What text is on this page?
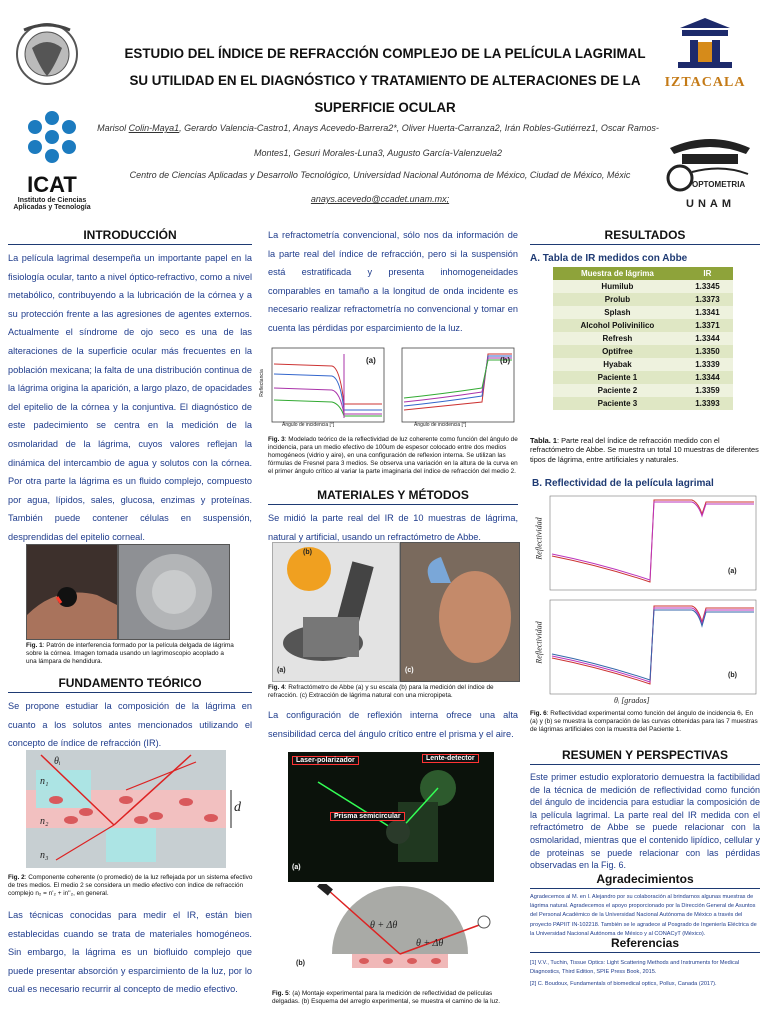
ESTUDIO DEL ÍNDICE DE REFRACCIÓN COMPLEJO DE LA PELÍCULA LAGRIMAL
SU UTILIDAD EN EL DIAGNÓSTICO Y TRATAMIENTO DE ALTERACIONES DE LA
SUPERFICIE OCULAR
IZTACALA
ICAT
Instituto de Ciencias
Aplicadas y Tecnología
Marisol Colin-Maya1, Gerardo Valencia-Castro1, Anays Acevedo-Barrera2*, Oliver Huerta-Carranza2, Irán Robles-Gutiérrez1, Oscar Ramos-
Montes1, Gesuri Morales-Luna3, Augusto García-Valenzuela2
Centro de Ciencias Aplicadas y Desarrollo Tecnológico, Universidad Nacional Autónoma de México, Ciudad de México, Méxic
anays.acevedo@ccadet.unam.mx;
OPTOMETRIA
UNAM
INTRODUCCIÓN
La película lagrimal desempeña un importante papel en la fisiología ocular, tanto a nivel óptico-refractivo, como a nivel metabólico, contribuyendo a la lubricación de la córnea y a su protección frente a las agresiones de agentes externos. Actualmente el síndrome de ojo seco es una de las alteraciones de la superficie ocular más frecuentes en la población mexicana; la falta de una distribución continua de la lágrima origina la aparición, a largo plazo, de opacidades del epitelio de la córnea y la conjuntiva. El diagnóstico de este padecimiento se centra en la medición de la osmolaridad de la lágrima, cuyos valores reflejan la dinámica del intercambio de agua y solutos con la córnea. Por otra parte la lágrima es un fluido complejo, compuesto por agua, lípidos, sales, glucosa, enzimas y proteínas. También puede contener células en suspensión, desprendidas del epitelio corneal.
Fig. 1: Patrón de interferencia formado por la película delgada de lágrima sobre la córnea. Imagen tomada usando un lagrimoscopio acoplado a una lámpara de hendidura.
FUNDAMENTO TEÓRICO
Se propone estudiar la composición de la lágrima en cuanto a los solutos antes mencionados utilizando el concepto de índice de refracción (IR).
θᵢ
n₁
n₂
n₃
d
Fig. 2: Componente coherente (o promedio) de la luz reflejada por un sistema efectivo de tres medios. El medio 2 se considera un medio efectivo con índice de refracción complejo n₂ = n'₂ + in''₂, en general.
Las técnicas conocidas para medir el IR, están bien establecidas cuando se trata de materiales homogéneos. Sin embargo, la lágrima es un biofluido complejo que puede presentar absorción y esparcimiento de la luz, por lo cual es necesario recurrir al concepto de medio efectivo.
La refractometría convencional, sólo nos da información de la parte real del índice de refracción, pero si la suspensión está estratificada y presenta inhomogeneidades comparables en tamaño a la longitud de onda incidente es necesario realizar refractometría no convencional y tomar en cuenta las pérdidas por esparcimiento de la luz.
(a)
Ángulo de incidencia [°]
Reflectancia
(b)
Ángulo de incidencia [°]
Fig. 3: Modelado teórico de la reflectividad de luz coherente como función del ángulo de incidencia, para un medio efectivo de 100um de espesor colocado entre dos medios homogéneos (vidrio y aire), en una configuración de reflexion interna. Se utilizan las fórmulas de Fresnel para 3 medios. Se observa una variación en la altura de la curva en el primer ángulo crítico al variar la parte imaginaria del índice de refracción del medio 2.
MATERIALES Y MÉTODOS
Se midió la parte real del IR de 10 muestras de lágrima, natural y artificial, usando un refractómetro de Abbe.
(a)
(b)
(c)
Fig. 4: Refractómetro de Abbe (a) y su escala (b) para la medición del índice de refracción. (c) Extracción de lágrima natural con una micropipeta.
La configuración de reflexión interna ofrece una alta sensibilidad cerca del ángulo crítico entre el prisma y el aire.
Laser-polarizador	Lente-detector
Prisma semicircular
(a)
θ + Δθ
θ + Δθ
(b)
Fig. 5: (a) Montaje experimental para la medición de reflectividad de películas delgadas. (b) Esquema del arreglo experimental, se muestra el camino de la luz.
RESULTADOS
A. Tabla de IR medidos con Abbe
Muestra de lágrima	IR
Humilub	1.3345
Prolub	1.3373
Splash	1.3341
Alcohol Polivinilico	1.3371
Refresh	1.3344
Optifree	1.3350
Hyabak	1.3339
Paciente 1	1.3344
Paciente 2	1.3359
Paciente 3	1.3393
Tabla. 1: Parte real del índice de refracción medido con el refractómetro de Abbe. Se muestra un total 10 muestras de diferentes tipos de lágrima, entre artificiales y naturales.
B. Reflectividad de la película lagrimal
Reflectividad
(a)
Reflectividad
(b)
θᵢ [grados]
Fig. 6: Reflectividad experimental como función del ángulo de incidencia θᵢ. En (a) y (b) se muestra la comparación de las curvas obtenidas para las 7 muestras de lágrimas artificiales con la muestra del Paciente 1.
RESUMEN Y PERSPECTIVAS
Este primer estudio exploratorio demuestra la factibilidad de la técnica de medición de reflectividad como función del ángulo de incidencia para estudiar la composición de la película lagrimal. La parte real del IR medida con el refractómetro de Abbe se puede relacionar con la osmolaridad, mientras que el contenido lipídico, cellular y de proteinas se puede relacionar con las pérdidas observadas en la Fig. 6.
Agradecimientos
Agradecemos al M. en I. Alejandro por su colaboración al brindarnos algunas muestras de lágrima natural. Agradecemos el apoyo proporcionado por la Dirección General de Asuntos del Personal Académico de la Universidad Nacional Autónoma de México a través del proyecto PAPIIT IN-102218. También se le agradece al Posgrado de Ingeniería Eléctrica de la Universidad Nacional Autónoma de México y al CONACyT (México).
Referencias
[1] V.V., Tuchin, Tissue Optics: Light Scattering Methods and Instruments for Medical Diagnostics, Third Edition, SPIE Press Book, 2015.
[2] C. Boudoux, Fundamentals of biomedical optics, Pollux, Canada (2017).
